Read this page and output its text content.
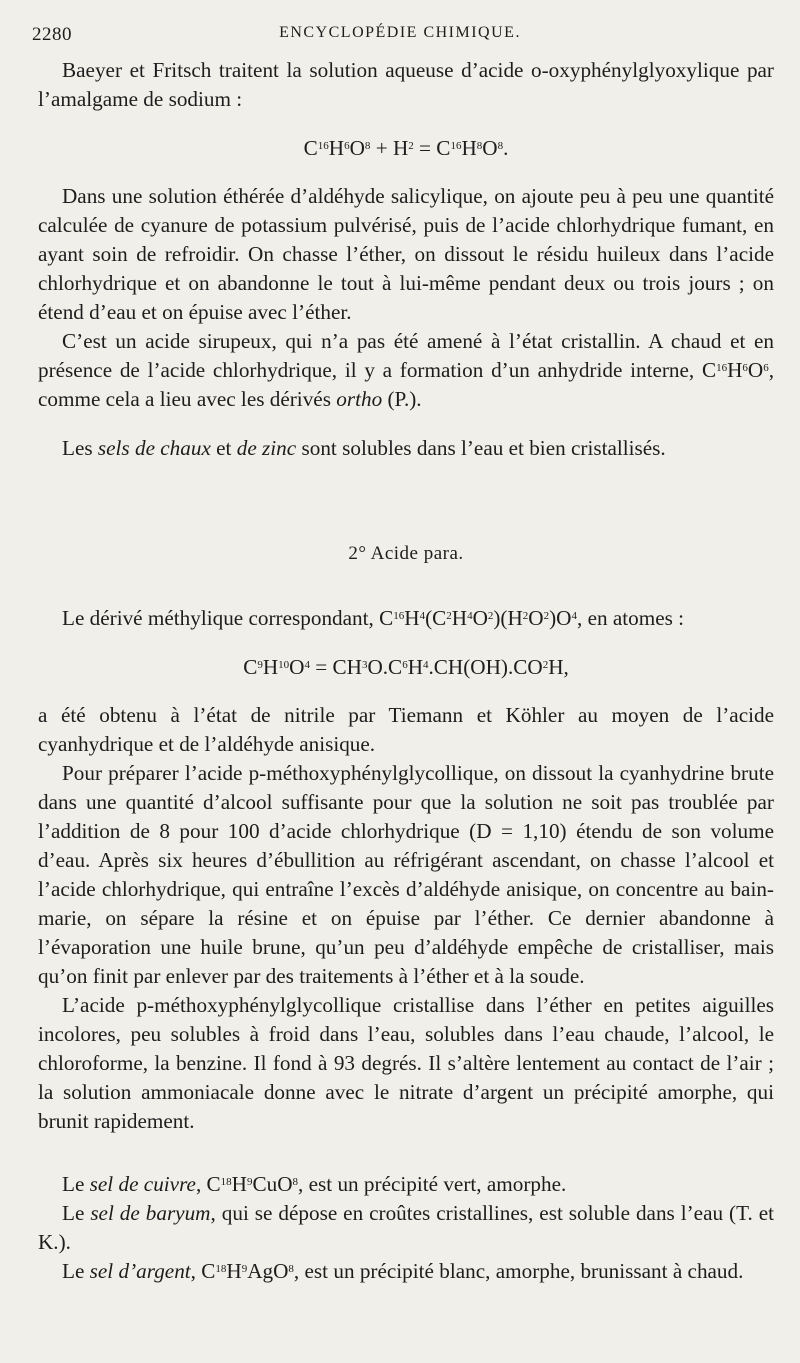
2280	ENCYCLOPÉDIE CHIMIQUE.

Baeyer et Fritsch traitent la solution aqueuse d’acide o-oxyphénylglyoxylique par l’amalgame de sodium :

$C^{16}H^6O^8 + H^2 = C^{16}H^8O^8$.

Dans une solution éthérée d’aldéhyde salicylique, on ajoute peu à peu une quantité calculée de cyanure de potassium pulvérisé, puis de l’acide chlorhydrique fumant, en ayant soin de refroidir. On chasse l’éther, on dissout le résidu huileux dans l’acide chlorhydrique et on abandonne le tout à lui-même pendant deux ou trois jours ; on étend d’eau et on épuise avec l’éther.

C’est un acide sirupeux, qui n’a pas été amené à l’état cristallin. A chaud et en présence de l’acide chlorhydrique, il y a formation d’un anhydride interne, $C^{16}H^6O^6$, comme cela a lieu avec les dérivés ortho (P.).

Les sels de chaux et de zinc sont solubles dans l’eau et bien cristallisés.

2° Acide para.

Le dérivé méthylique correspondant, $C^{16}H^4(C^2H^4O^2)(H^2O^2)O^4$, en atomes :

$C^9H^{10}O^4 = CH^3O.C^6H^4.CH(OH).CO^2H$,

a été obtenu à l’état de nitrile par Tiemann et Köhler au moyen de l’acide cyanhydrique et de l’aldéhyde anisique.

Pour préparer l’acide p-méthoxyphénylglycollique, on dissout la cyanhydrine brute dans une quantité d’alcool suffisante pour que la solution ne soit pas troublée par l’addition de 8 pour 100 d’acide chlorhydrique (D = 1,10) étendu de son volume d’eau. Après six heures d’ébullition au réfrigérant ascendant, on chasse l’alcool et l’acide chlorhydrique, qui entraîne l’excès d’aldéhyde anisique, on concentre au bain-marie, on sépare la résine et on épuise par l’éther. Ce dernier abandonne à l’évaporation une huile brune, qu’un peu d’aldéhyde empêche de cristalliser, mais qu’on finit par enlever par des traitements à l’éther et à la soude.

L’acide p-méthoxyphénylglycollique cristallise dans l’éther en petites aiguilles incolores, peu solubles à froid dans l’eau, solubles dans l’eau chaude, l’alcool, le chloroforme, la benzine. Il fond à 93 degrés. Il s’altère lentement au contact de l’air ; la solution ammoniacale donne avec le nitrate d’argent un précipité amorphe, qui brunit rapidement.

Le sel de cuivre, $C^{18}H^9CuO^8$, est un précipité vert, amorphe.

Le sel de baryum, qui se dépose en croûtes cristallines, est soluble dans l’eau (T. et K.).

Le sel d’argent, $C^{18}H^9AgO^8$, est un précipité blanc, amorphe, brunissant à chaud.
